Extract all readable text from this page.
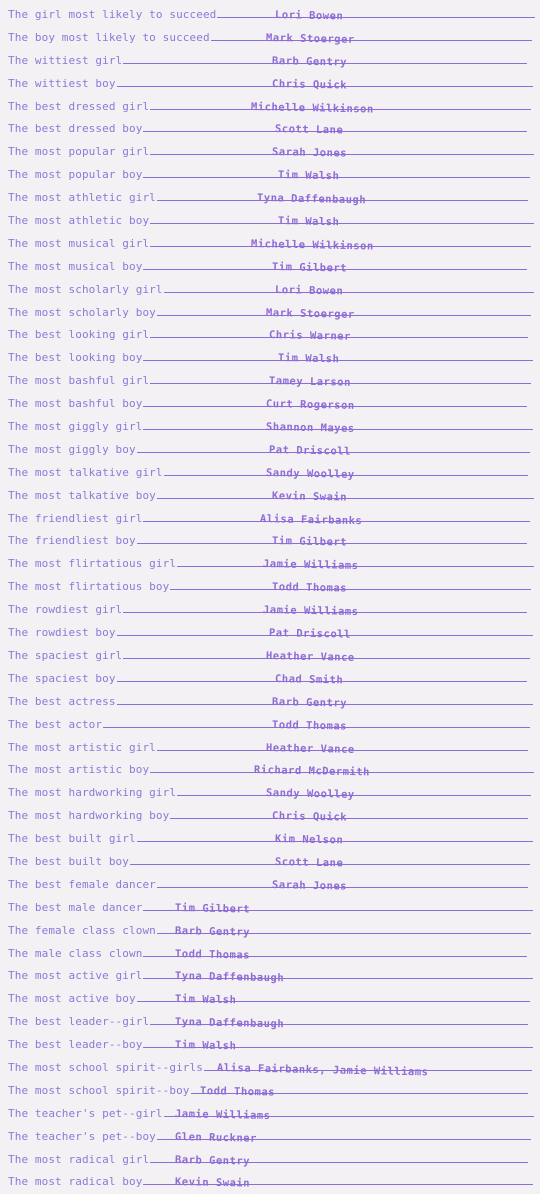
The girl most likely to succeed	Lori Bowen
The boy most likely to succeed	Mark Stoerger
The wittiest girl	Barb Gentry
The wittiest boy	Chris Quick
The best dressed girl	Michelle Wilkinson
The best dressed boy	Scott Lane
The most popular girl	Sarah Jones
The most popular boy	Tim Walsh
The most athletic girl	Tyna Daffenbaugh
The most athletic boy	Tim Walsh
The most musical girl	Michelle Wilkinson
The most musical boy	Tim Gilbert
The most scholarly girl	Lori Bowen
The most scholarly boy	Mark Stoerger
The best looking girl	Chris Warner
The best looking boy	Tim Walsh
The most bashful girl	Tamey Larson
The most bashful boy	Curt Rogerson
The most giggly girl	Shannon Mayes
The most giggly boy	Pat Driscoll
The most talkative girl	Sandy Woolley
The most talkative boy	Kevin Swain
The friendliest girl	Alisa Fairbanks
The friendliest boy	Tim Gilbert
The most flirtatious girl	Jamie Williams
The most flirtatious boy	Todd Thomas
The rowdiest girl	Jamie Williams
The rowdiest boy	Pat Driscoll
The spaciest girl	Heather Vance
The spaciest boy	Chad Smith
The best actress	Barb Gentry
The best actor	Todd Thomas
The most artistic girl	Heather Vance
The most artistic boy	Richard McDermith
The most hardworking girl	Sandy Woolley
The most hardworking boy	Chris Quick
The best built girl	Kim Nelson
The best built boy	Scott Lane
The best female dancer	Sarah Jones
The best male dancer	Tim Gilbert
The female class clown	Barb Gentry
The male class clown	Todd Thomas
The most active girl	Tyna Daffenbaugh
The most active boy	Tim Walsh
The best leader--girl	Tyna Daffenbaugh
The best leader--boy	Tim Walsh
The most school spirit--girls	Alisa Fairbanks, Jamie Williams
The most school spirit--boy	Todd Thomas
The teacher's pet--girl	Jamie Williams
The teacher's pet--boy	Glen Ruckner
The most radical girl	Barb Gentry
The most radical boy	Kevin Swain
